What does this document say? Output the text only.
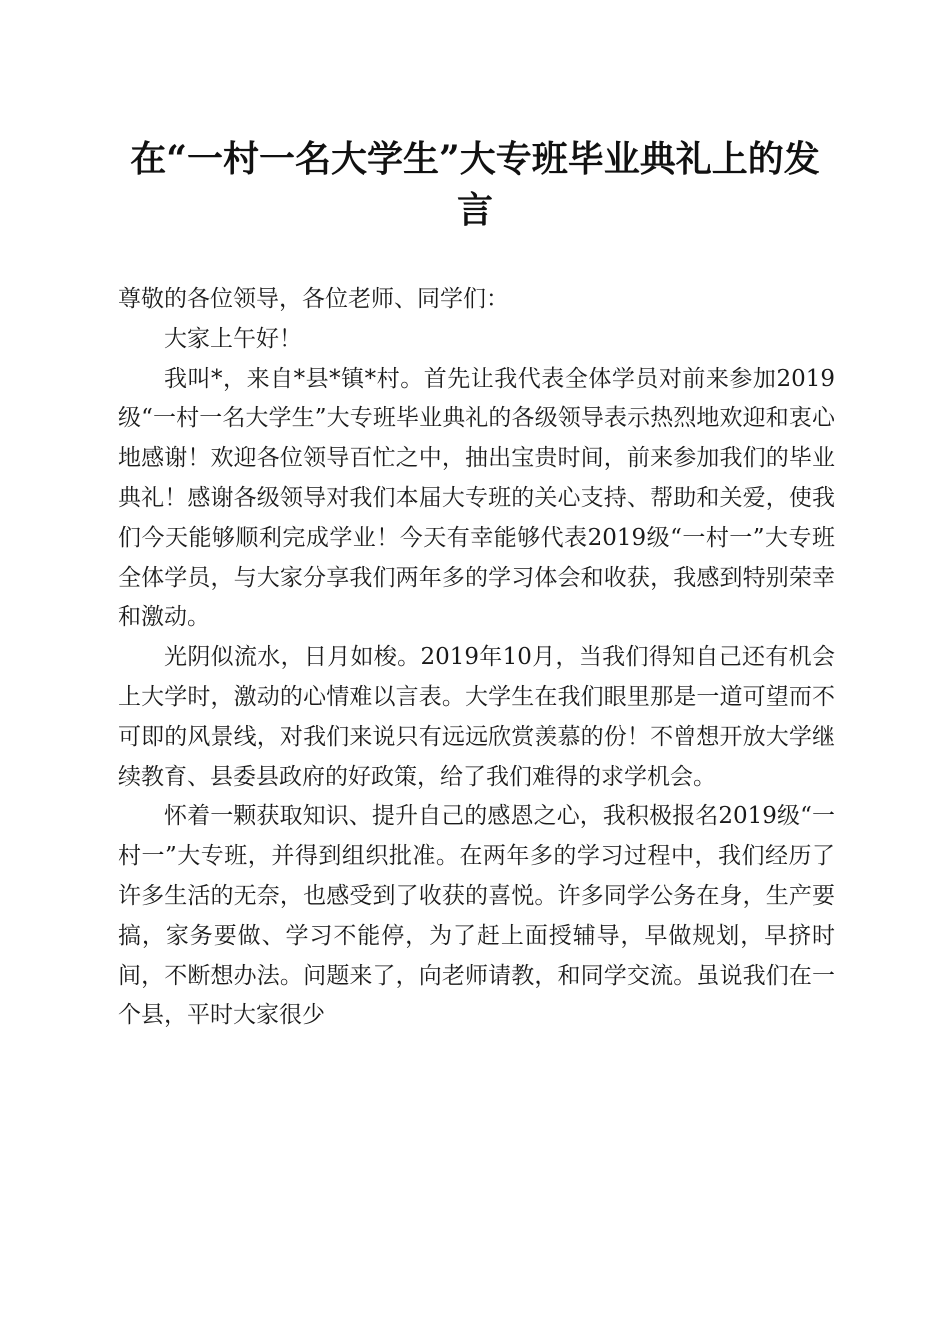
在“一村一名大学生”大专班毕业典礼上的发言

尊敬的各位领导，各位老师、同学们：

大家上午好！

我叫*，来自*县*镇*村。首先让我代表全体学员对前来参加2019级“一村一名大学生”大专班毕业典礼的各级领导表示热烈地欢迎和衷心地感谢！欢迎各位领导百忙之中，抽出宝贵时间，前来参加我们的毕业典礼！感谢各级领导对我们本届大专班的关心支持、帮助和关爱，使我们今天能够顺利完成学业！今天有幸能够代表2019级“一村一”大专班全体学员，与大家分享我们两年多的学习体会和收获，我感到特别荣幸和激动。

光阴似流水，日月如梭。2019年10月，当我们得知自己还有机会上大学时，激动的心情难以言表。大学生在我们眼里那是一道可望而不可即的风景线，对我们来说只有远远欣赏羡慕的份！不曾想开放大学继续教育、县委县政府的好政策，给了我们难得的求学机会。

怀着一颗获取知识、提升自己的感恩之心，我积极报名2019级“一村一”大专班，并得到组织批准。在两年多的学习过程中，我们经历了许多生活的无奈，也感受到了收获的喜悦。许多同学公务在身，生产要搞，家务要做、学习不能停，为了赶上面授辅导，早做规划，早挤时间，不断想办法。问题来了，向老师请教，和同学交流。虽说我们在一个县，平时大家很少
